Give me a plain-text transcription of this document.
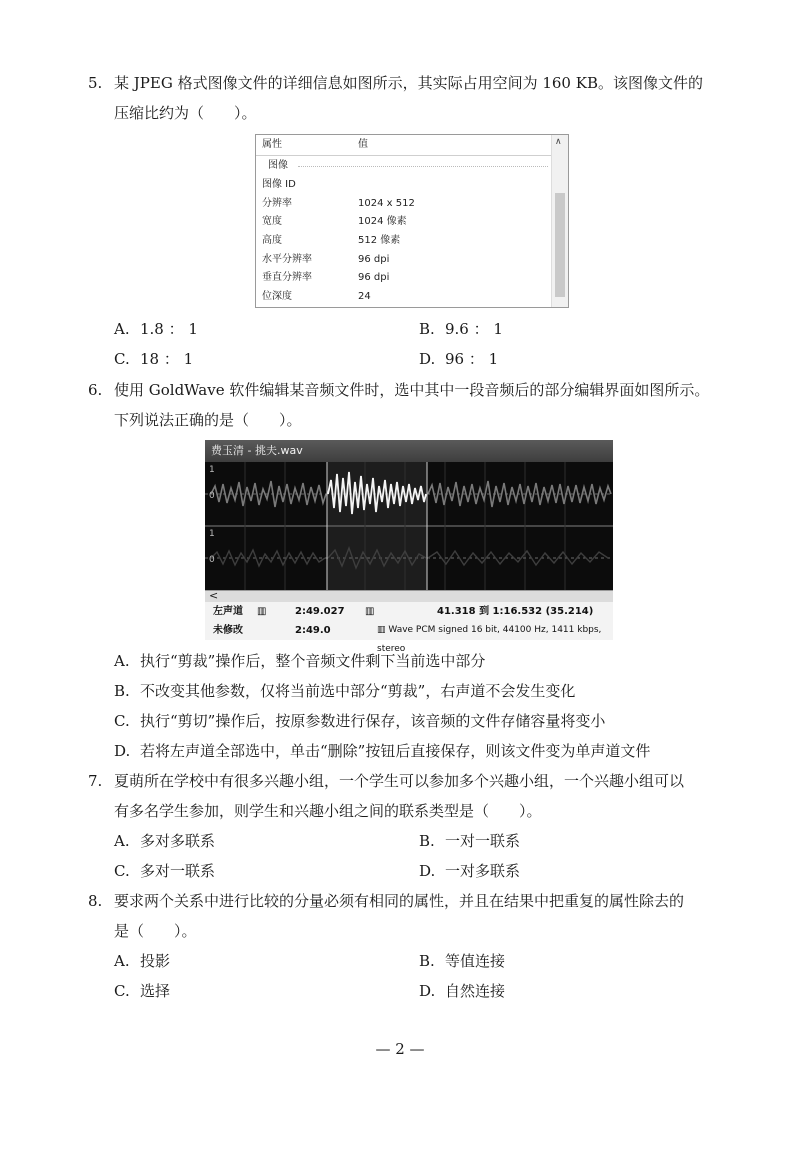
5. 某 JPEG 格式图像文件的详细信息如图所示，其实际占用空间为 160 KB。该图像文件的
压缩比约为（　　）。
属性	值
图像
图像 ID
分辨率	1024 x 512
宽度	1024 像素
高度	512 像素
水平分辨率	96 dpi
垂直分辨率	96 dpi
位深度	24
∧
A. 1.8 ： 1	B. 9.6 ： 1
C. 18 ： 1	D. 96 ： 1
6. 使用 GoldWave 软件编辑某音频文件时，选中其中一段音频后的部分编辑界面如图所示。
下列说法正确的是（　　）。
费玉清 - 挑夫.wav
1
0
1
0
<
左声道 ▥	2:49.027 ▥	41.318 到 1:16.532 (35.214)
未修改	2:49.0	▥ Wave PCM signed 16 bit, 44100 Hz, 1411 kbps, stereo
A. 执行“剪裁”操作后，整个音频文件剩下当前选中部分
B. 不改变其他参数，仅将当前选中部分“剪裁”，右声道不会发生变化
C. 执行“剪切”操作后，按原参数进行保存，该音频的文件存储容量将变小
D. 若将左声道全部选中，单击“删除”按钮后直接保存，则该文件变为单声道文件
7. 夏萌所在学校中有很多兴趣小组，一个学生可以参加多个兴趣小组，一个兴趣小组可以
有多名学生参加，则学生和兴趣小组之间的联系类型是（　　）。
A. 多对多联系	B. 一对一联系
C. 多对一联系	D. 一对多联系
8. 要求两个关系中进行比较的分量必须有相同的属性，并且在结果中把重复的属性除去的
是（　　）。
A. 投影	B. 等值连接
C. 选择	D. 自然连接
— 2 —
